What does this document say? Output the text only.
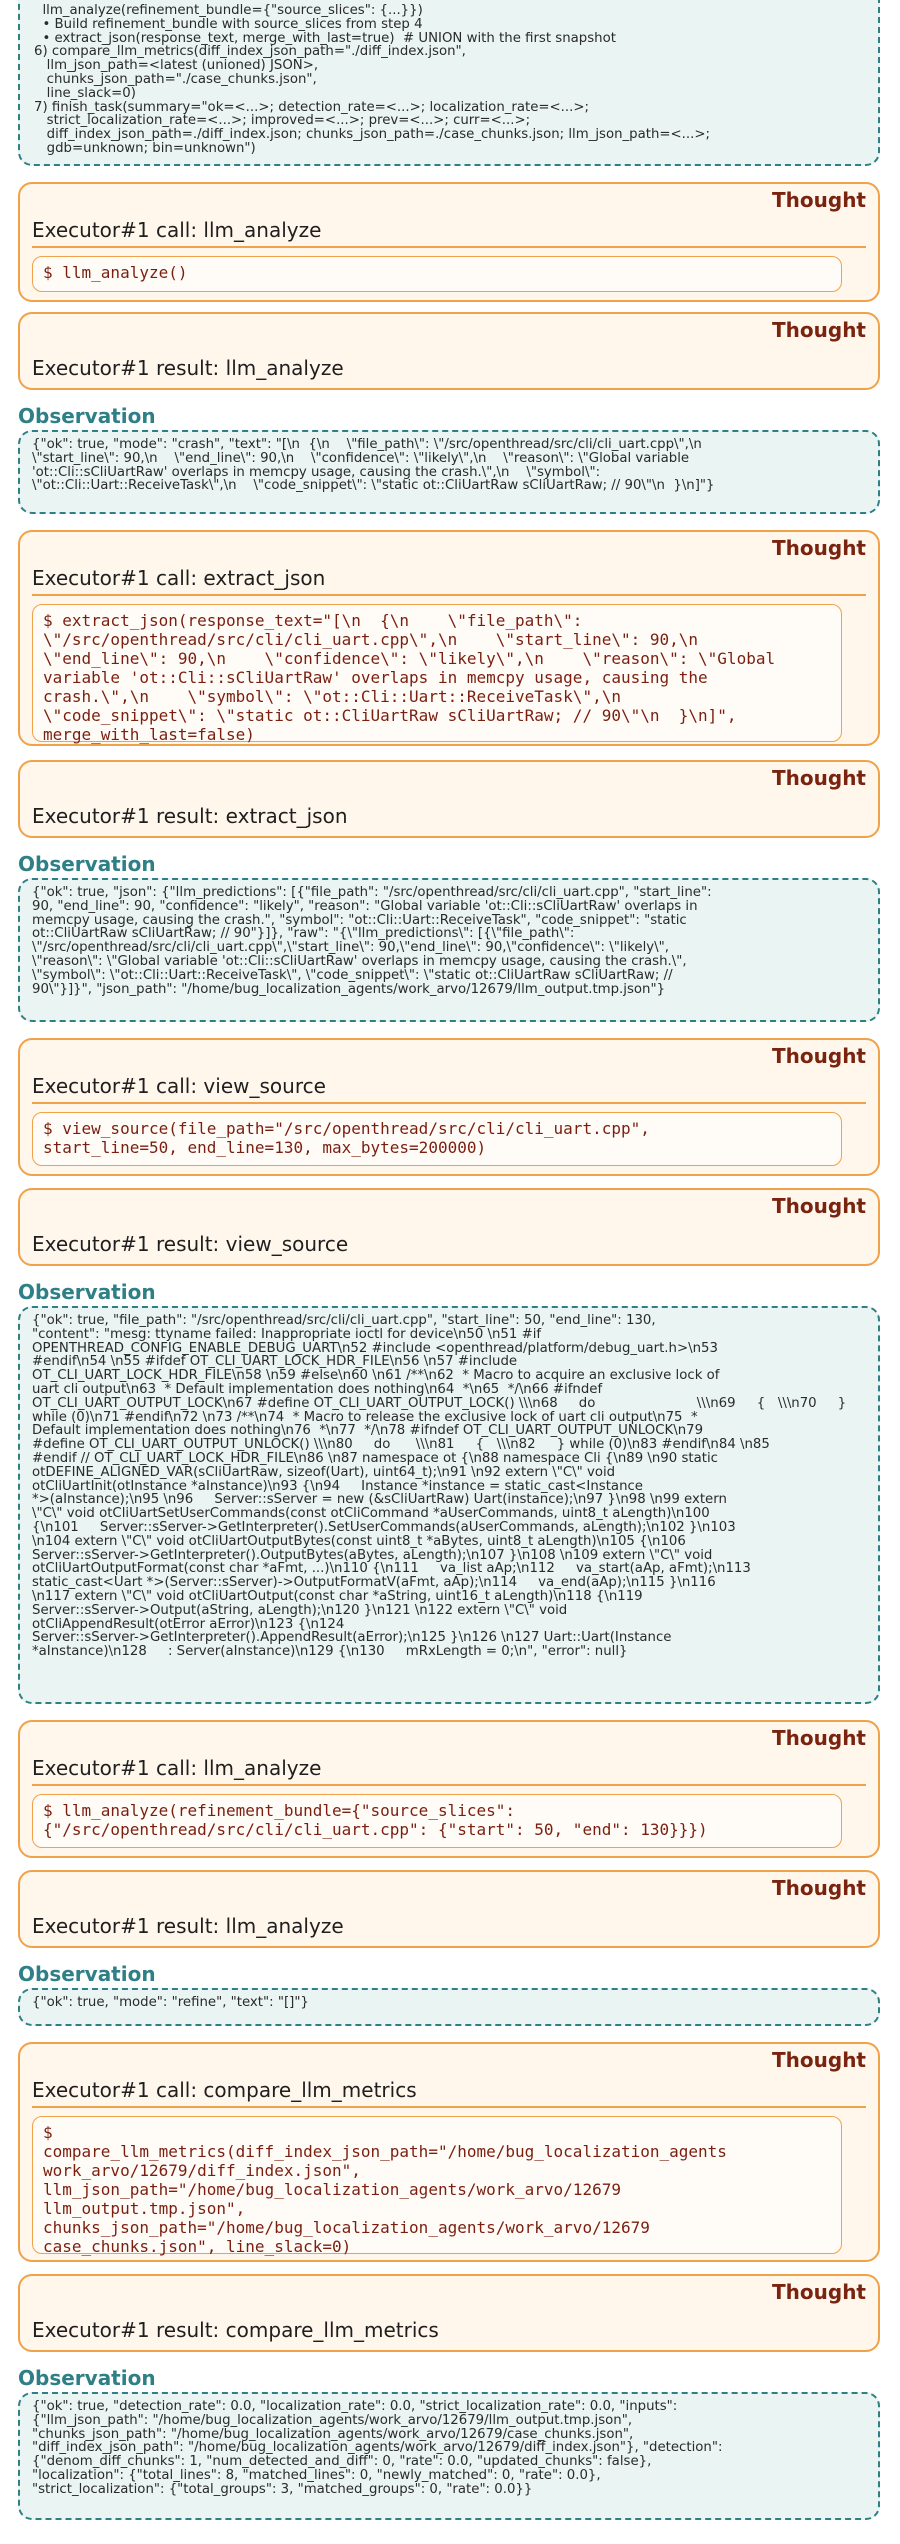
llm_analyze(refinement_bundle={"source_slices": {...}})
• Build refinement_bundle with source_slices from step 4
• extract_json(response_text, merge_with_last=true)  # UNION with the first snapshot
6) compare_llm_metrics(diff_index_json_path="./diff_index.json",
llm_json_path=<latest (unioned) JSON>,
chunks_json_path="./case_chunks.json",
line_slack=0)
7) finish_task(summary="ok=<...>; detection_rate=<...>; localization_rate=<...>;
strict_localization_rate=<...>; improved=<...>; prev=<...>; curr=<...>;
diff_index_json_path=./diff_index.json; chunks_json_path=./case_chunks.json; llm_json_path=<...>;
gdb=unknown; bin=unknown")
Thought
Executor#1 call: llm_analyze
$ llm_analyze()
Thought
Executor#1 result: llm_analyze
Observation
{"ok": true, "mode": "crash", "text": "[\n  {\n    \"file_path\": \"/src/openthread/src/cli/cli_uart.cpp\",\n
\"start_line\": 90,\n    \"end_line\": 90,\n    \"confidence\": \"likely\",\n    \"reason\": \"Global variable
'ot::Cli::sCliUartRaw' overlaps in memcpy usage, causing the crash.\",\n    \"symbol\":
\"ot::Cli::Uart::ReceiveTask\",\n    \"code_snippet\": \"static ot::CliUartRaw sCliUartRaw; // 90\"\n  }\n]"}
Thought
Executor#1 call: extract_json
$ extract_json(response_text="[\n  {\n    \"file_path\":
\"/src/openthread/src/cli/cli_uart.cpp\",\n    \"start_line\": 90,\n
\"end_line\": 90,\n    \"confidence\": \"likely\",\n    \"reason\": \"Global
variable 'ot::Cli::sCliUartRaw' overlaps in memcpy usage, causing the
crash.\",\n    \"symbol\": \"ot::Cli::Uart::ReceiveTask\",\n
\"code_snippet\": \"static ot::CliUartRaw sCliUartRaw; // 90\"\n  }\n]",
merge_with_last=false)
Thought
Executor#1 result: extract_json
Observation
{"ok": true, "json": {"llm_predictions": [{"file_path": "/src/openthread/src/cli/cli_uart.cpp", "start_line":
90, "end_line": 90, "confidence": "likely", "reason": "Global variable 'ot::Cli::sCliUartRaw' overlaps in
memcpy usage, causing the crash.", "symbol": "ot::Cli::Uart::ReceiveTask", "code_snippet": "static
ot::CliUartRaw sCliUartRaw; // 90"}]}, "raw": "{\"llm_predictions\": [{\"file_path\":
\"/src/openthread/src/cli/cli_uart.cpp\",\"start_line\": 90,\"end_line\": 90,\"confidence\": \"likely\",
\"reason\": \"Global variable 'ot::Cli::sCliUartRaw' overlaps in memcpy usage, causing the crash.\",
\"symbol\": \"ot::Cli::Uart::ReceiveTask\", \"code_snippet\": \"static ot::CliUartRaw sCliUartRaw; //
90\"}]}", "json_path": "/home/bug_localization_agents/work_arvo/12679/llm_output.tmp.json"}
Thought
Executor#1 call: view_source
$ view_source(file_path="/src/openthread/src/cli/cli_uart.cpp",
start_line=50, end_line=130, max_bytes=200000)
Thought
Executor#1 result: view_source
Observation
{"ok": true, "file_path": "/src/openthread/src/cli/cli_uart.cpp", "start_line": 50, "end_line": 130,
"content": "mesg: ttyname failed: Inappropriate ioctl for device\n50 \n51 #if
OPENTHREAD_CONFIG_ENABLE_DEBUG_UART\n52 #include <openthread/platform/debug_uart.h>\n53
#endif\n54 \n55 #ifdef OT_CLI_UART_LOCK_HDR_FILE\n56 \n57 #include
OT_CLI_UART_LOCK_HDR_FILE\n58 \n59 #else\n60 \n61 /**\n62  * Macro to acquire an exclusive lock of
uart cli output\n63  * Default implementation does nothing\n64  *\n65  */\n66 #ifndef
OT_CLI_UART_OUTPUT_LOCK\n67 #define OT_CLI_UART_OUTPUT_LOCK() \\\n68     do                        \\\n69     {   \\\n70     }
while (0)\n71 #endif\n72 \n73 /**\n74  * Macro to release the exclusive lock of uart cli output\n75  *
Default implementation does nothing\n76  *\n77  */\n78 #ifndef OT_CLI_UART_OUTPUT_UNLOCK\n79
#define OT_CLI_UART_OUTPUT_UNLOCK() \\\n80     do      \\\n81     {   \\\n82     } while (0)\n83 #endif\n84 \n85
#endif // OT_CLI_UART_LOCK_HDR_FILE\n86 \n87 namespace ot {\n88 namespace Cli {\n89 \n90 static
otDEFINE_ALIGNED_VAR(sCliUartRaw, sizeof(Uart), uint64_t);\n91 \n92 extern \"C\" void
otCliUartInit(otInstance *aInstance)\n93 {\n94     Instance *instance = static_cast<Instance
*>(aInstance);\n95 \n96     Server::sServer = new (&sCliUartRaw) Uart(instance);\n97 }\n98 \n99 extern
\"C\" void otCliUartSetUserCommands(const otCliCommand *aUserCommands, uint8_t aLength)\n100
{\n101     Server::sServer->GetInterpreter().SetUserCommands(aUserCommands, aLength);\n102 }\n103
\n104 extern \"C\" void otCliUartOutputBytes(const uint8_t *aBytes, uint8_t aLength)\n105 {\n106
Server::sServer->GetInterpreter().OutputBytes(aBytes, aLength);\n107 }\n108 \n109 extern \"C\" void
otCliUartOutputFormat(const char *aFmt, ...)\n110 {\n111     va_list aAp;\n112     va_start(aAp, aFmt);\n113
static_cast<Uart *>(Server::sServer)->OutputFormatV(aFmt, aAp);\n114     va_end(aAp);\n115 }\n116
\n117 extern \"C\" void otCliUartOutput(const char *aString, uint16_t aLength)\n118 {\n119
Server::sServer->Output(aString, aLength);\n120 }\n121 \n122 extern \"C\" void
otCliAppendResult(otError aError)\n123 {\n124
Server::sServer->GetInterpreter().AppendResult(aError);\n125 }\n126 \n127 Uart::Uart(Instance
*aInstance)\n128     : Server(aInstance)\n129 {\n130     mRxLength = 0;\n", "error": null}
Thought
Executor#1 call: llm_analyze
$ llm_analyze(refinement_bundle={"source_slices":
{"/src/openthread/src/cli/cli_uart.cpp": {"start": 50, "end": 130}}})
Thought
Executor#1 result: llm_analyze
Observation
{"ok": true, "mode": "refine", "text": "[]"}
Thought
Executor#1 call: compare_llm_metrics
$
compare_llm_metrics(diff_index_json_path="/home/bug_localization_agents
work_arvo/12679/diff_index.json",
llm_json_path="/home/bug_localization_agents/work_arvo/12679
llm_output.tmp.json",
chunks_json_path="/home/bug_localization_agents/work_arvo/12679
case_chunks.json", line_slack=0)
Thought
Executor#1 result: compare_llm_metrics
Observation
{"ok": true, "detection_rate": 0.0, "localization_rate": 0.0, "strict_localization_rate": 0.0, "inputs":
{"llm_json_path": "/home/bug_localization_agents/work_arvo/12679/llm_output.tmp.json",
"chunks_json_path": "/home/bug_localization_agents/work_arvo/12679/case_chunks.json",
"diff_index_json_path": "/home/bug_localization_agents/work_arvo/12679/diff_index.json"}, "detection":
{"denom_diff_chunks": 1, "num_detected_and_diff": 0, "rate": 0.0, "updated_chunks": false},
"localization": {"total_lines": 8, "matched_lines": 0, "newly_matched": 0, "rate": 0.0},
"strict_localization": {"total_groups": 3, "matched_groups": 0, "rate": 0.0}}
